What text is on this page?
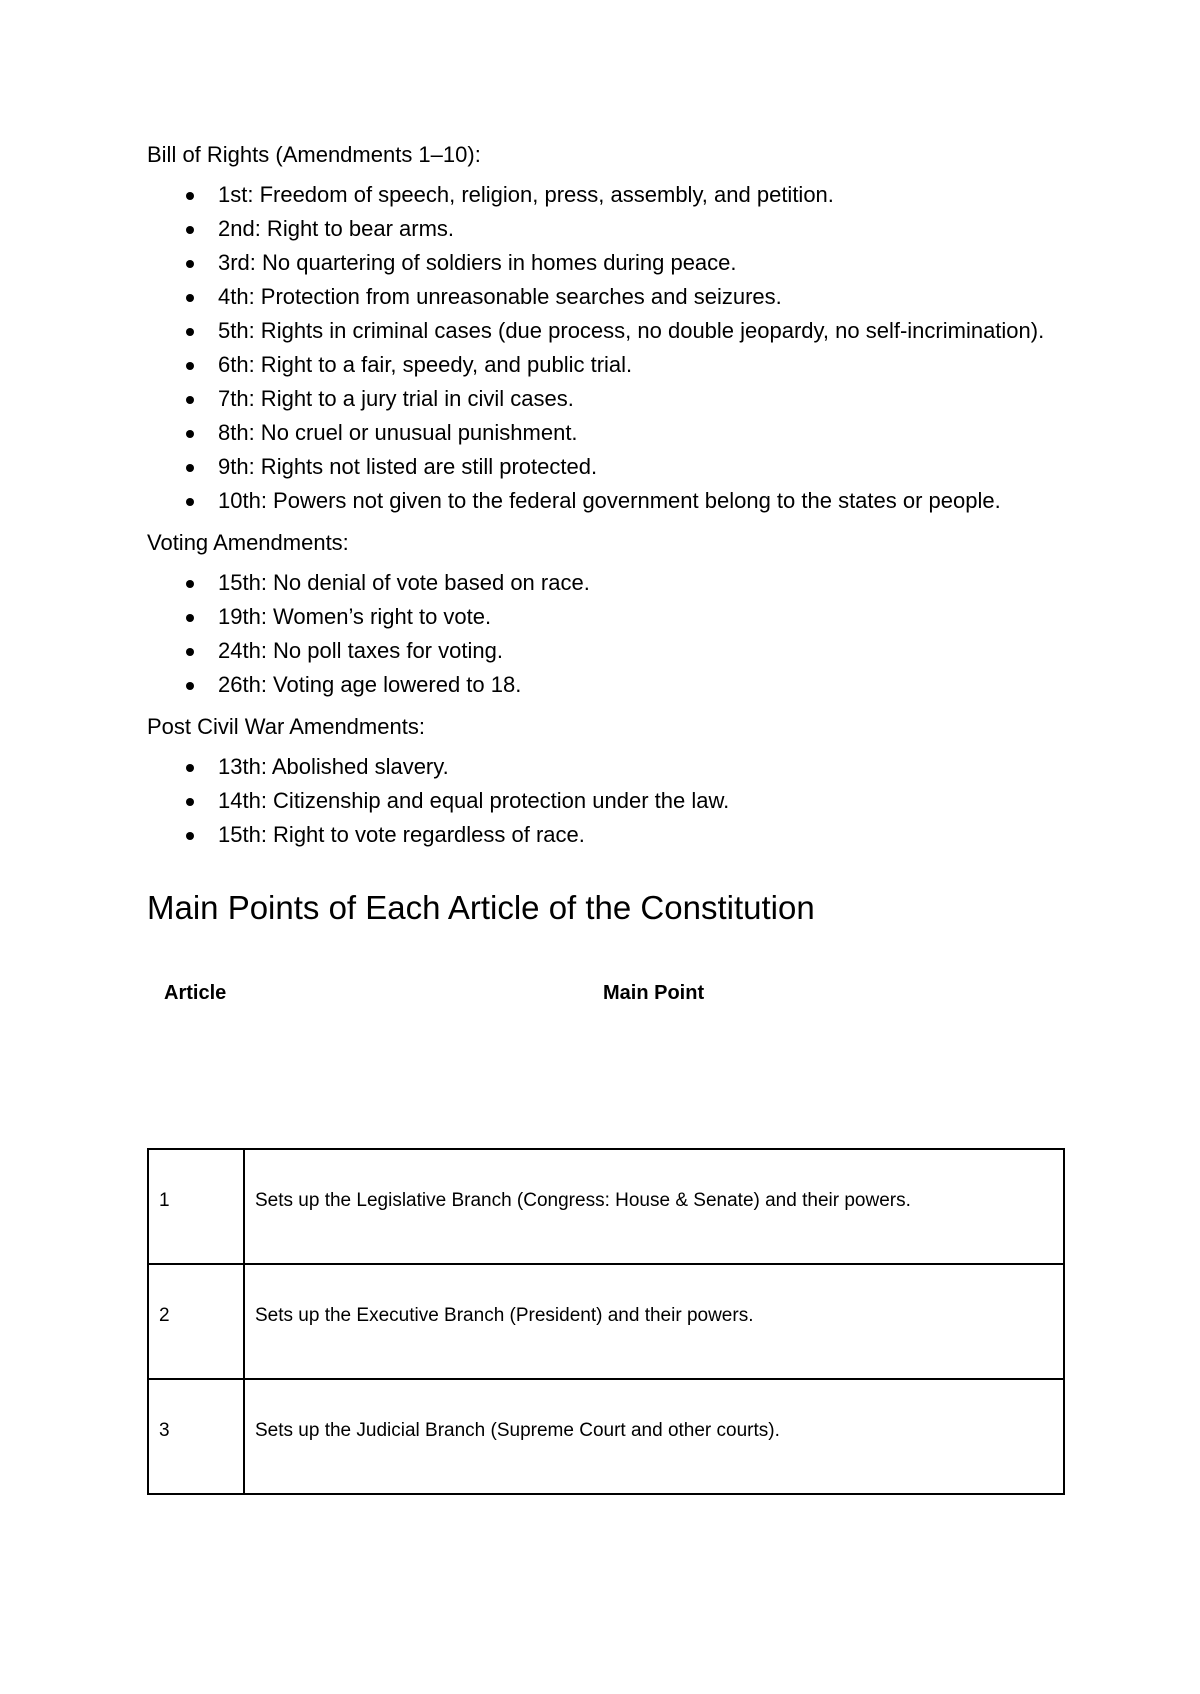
Bill of Rights (Amendments 1–10):

1st: Freedom of speech, religion, press, assembly, and petition.
2nd: Right to bear arms.
3rd: No quartering of soldiers in homes during peace.
4th: Protection from unreasonable searches and seizures.
5th: Rights in criminal cases (due process, no double jeopardy, no self-incrimination).
6th: Right to a fair, speedy, and public trial.
7th: Right to a jury trial in civil cases.
8th: No cruel or unusual punishment.
9th: Rights not listed are still protected.
10th: Powers not given to the federal government belong to the states or people.

Voting Amendments:

15th: No denial of vote based on race.
19th: Women’s right to vote.
24th: No poll taxes for voting.
26th: Voting age lowered to 18.

Post Civil War Amendments:

13th: Abolished slavery.
14th: Citizenship and equal protection under the law.
15th: Right to vote regardless of race.
Main Points of Each Article of the Constitution
Article	Main Point
1	Sets up the Legislative Branch (Congress: House & Senate) and their powers.
2	Sets up the Executive Branch (President) and their powers.
3	Sets up the Judicial Branch (Supreme Court and other courts).
